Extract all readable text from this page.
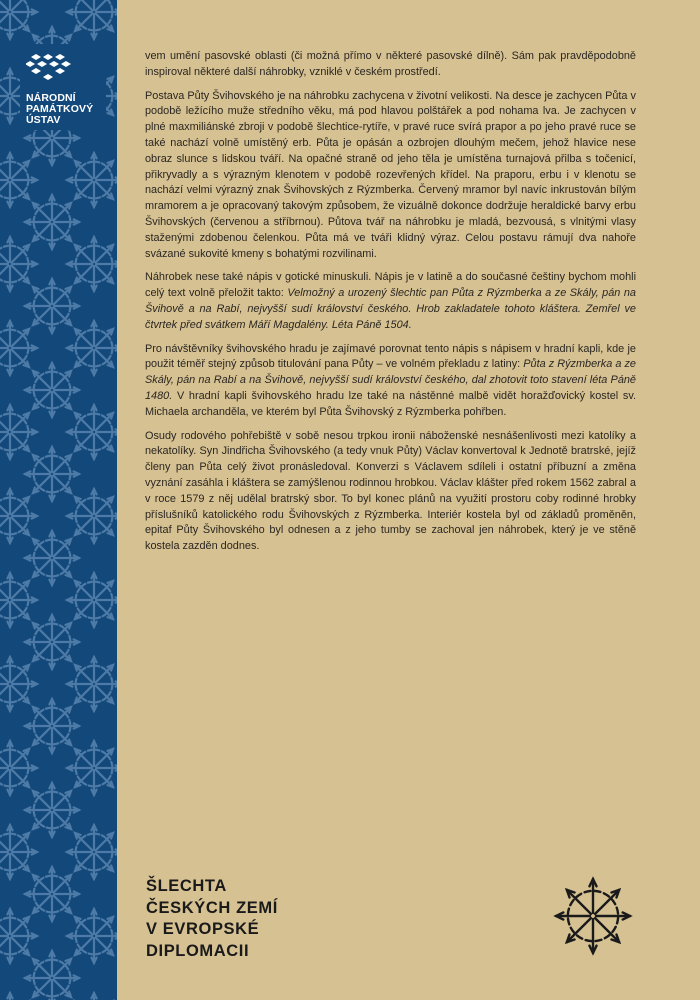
NÁRODNÍ
PAMÁTKOVÝ
ÚSTAV

vem umění pasovské oblasti (či možná přímo v některé pasovské dílně). Sám pak pravděpodobně inspiroval některé další náhrobky, vzniklé v českém prostředí.

Postava Půty Švihovského je na náhrobku zachycena v životní velikosti. Na desce je zachycen Půta v podobě ležícího muže středního věku, má pod hlavou polštářek a pod nohama lva. Je zachycen v plné maxmiliánské zbroji v podobě šlechtice-rytíře, v pravé ruce svírá prapor a po jeho pravé ruce se také nachází volně umístěný erb. Půta je opásán a ozbrojen dlouhým mečem, jehož hlavice nese obraz slunce s lidskou tváří. Na opačné straně od jeho těla je umístěna turnajová přilba s točenicí, přikryvadly a s výrazným klenotem v podobě rozevřených křídel. Na praporu, erbu i v klenotu se nachází velmi výrazný znak Švihovských z Rýzmberka. Červený mramor byl navíc inkrustován bílým mramorem a je opracovaný takovým způsobem, že vizuálně dokonce dodržuje heraldické barvy erbu Švihovských (červenou a stříbrnou). Půtova tvář na náhrobku je mladá, bezvousá, s vlnitými vlasy staženými zdobenou čelenkou. Půta má ve tváři klidný výraz. Celou postavu rámují dva nahoře svázané sukovité kmeny s bohatými rozvilinami.

Náhrobek nese také nápis v gotické minuskuli. Nápis je v latině a do současné češtiny bychom mohli celý text volně přeložit takto: Velmožný a urozený šlechtic pan Půta z Rýzmberka a ze Skály, pán na Švihově a na Rabí, nejvyšší sudí království českého. Hrob zakladatele tohoto kláštera. Zemřel ve čtvrtek před svátkem Máří Magdalény. Léta Páně 1504.

Pro návštěvníky švihovského hradu je zajímavé porovnat tento nápis s nápisem v hradní kapli, kde je použit téměř stejný způsob titulování pana Půty – ve volném překladu z latiny: Půta z Rýzmberka a ze Skály, pán na Rabí a na Švihově, nejvyšší sudí království českého, dal zhotovit toto stavení léta Páně 1480. V hradní kapli švihovského hradu lze také na nástěnné malbě vidět horažďovický kostel sv. Michaela archanděla, ve kterém byl Půta Švihovský z Rýzmberka pohřben.

Osudy rodového pohřebiště v sobě nesou trpkou ironii náboženské nesnášenlivosti mezi katolíky a nekatolíky. Syn Jindřicha Švihovského (a tedy vnuk Půty) Václav konvertoval k Jednotě bratrské, jejíž členy pan Půta celý život pronásledoval. Konverzi s Václavem sdíleli i ostatní příbuzní a změna vyznání zasáhla i kláštera se zamýšlenou rodinnou hrobkou. Václav klášter před rokem 1562 zabral a v roce 1579 z něj udělal bratrský sbor. To byl konec plánů na využití prostoru coby rodinné hrobky příslušníků katolického rodu Švihovských z Rýzmberka. Interiér kostela byl od základů proměněn, epitaf Půty Švihovského byl odnesen a z jeho tumby se zachoval jen náhrobek, který je ve stěně kostela zazděn dodnes.

ŠLECHTA
ČESKÝCH ZEMÍ
V EVROPSKÉ
DIPLOMACII
